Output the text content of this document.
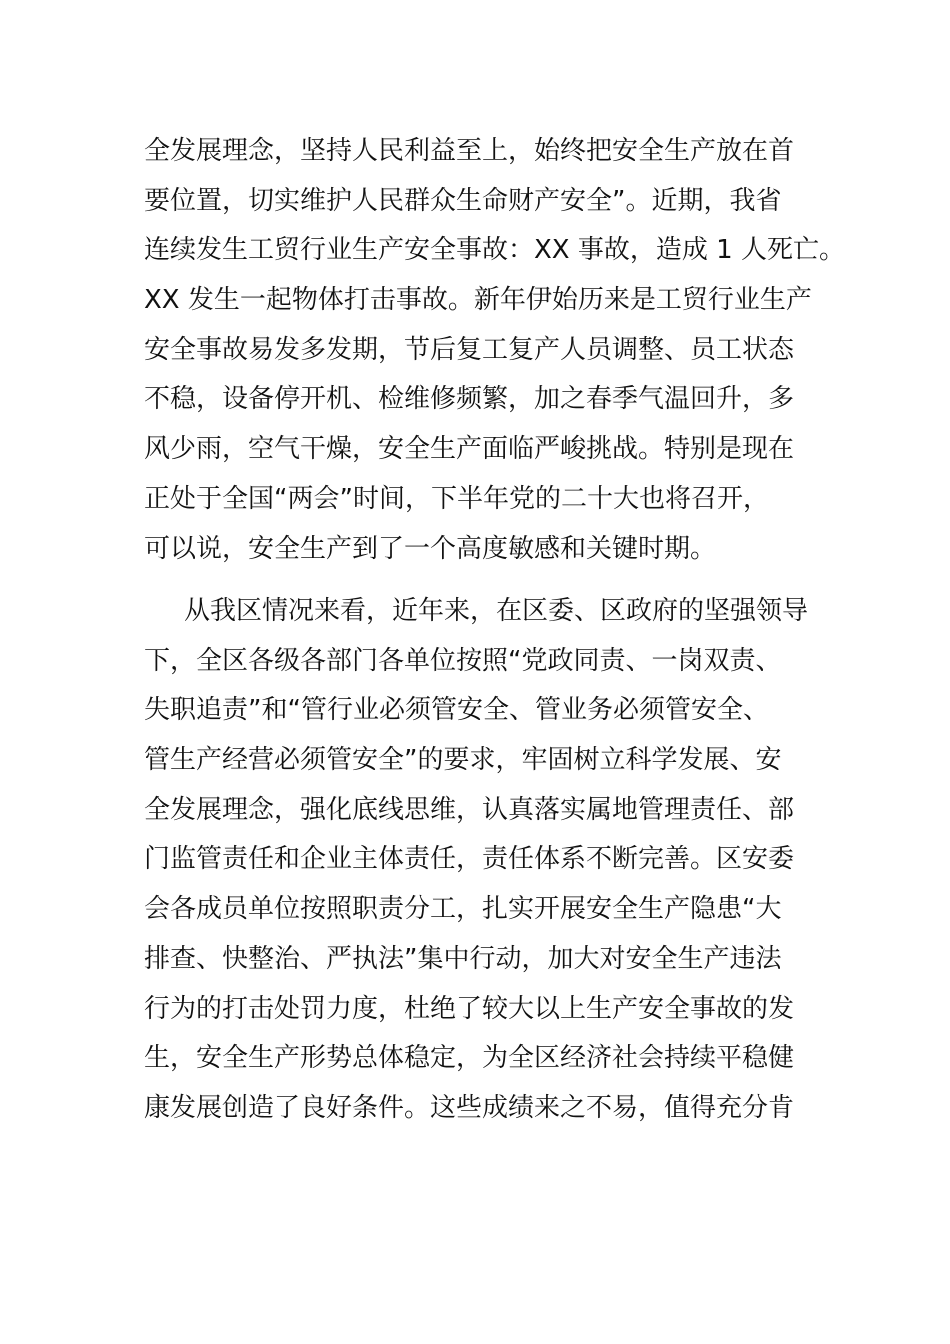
全发展理念，坚持人民利益至上，始终把安全生产放在首
要位置，切实维护人民群众生命财产安全”。近期，我省
连续发生工贸行业生产安全事故：XX 事故，造成 1 人死亡。
XX 发生一起物体打击事故。新年伊始历来是工贸行业生产
安全事故易发多发期，节后复工复产人员调整、员工状态
不稳，设备停开机、检维修频繁，加之春季气温回升，多
风少雨，空气干燥，安全生产面临严峻挑战。特别是现在
正处于全国“两会”时间，下半年党的二十大也将召开，
可以说，安全生产到了一个高度敏感和关键时期。
从我区情况来看，近年来，在区委、区政府的坚强领导
下，全区各级各部门各单位按照“党政同责、一岗双责、
失职追责”和“管行业必须管安全、管业务必须管安全、
管生产经营必须管安全”的要求，牢固树立科学发展、安
全发展理念，强化底线思维，认真落实属地管理责任、部
门监管责任和企业主体责任，责任体系不断完善。区安委
会各成员单位按照职责分工，扎实开展安全生产隐患“大
排查、快整治、严执法”集中行动，加大对安全生产违法
行为的打击处罚力度，杜绝了较大以上生产安全事故的发
生，安全生产形势总体稳定，为全区经济社会持续平稳健
康发展创造了良好条件。这些成绩来之不易，值得充分肯
